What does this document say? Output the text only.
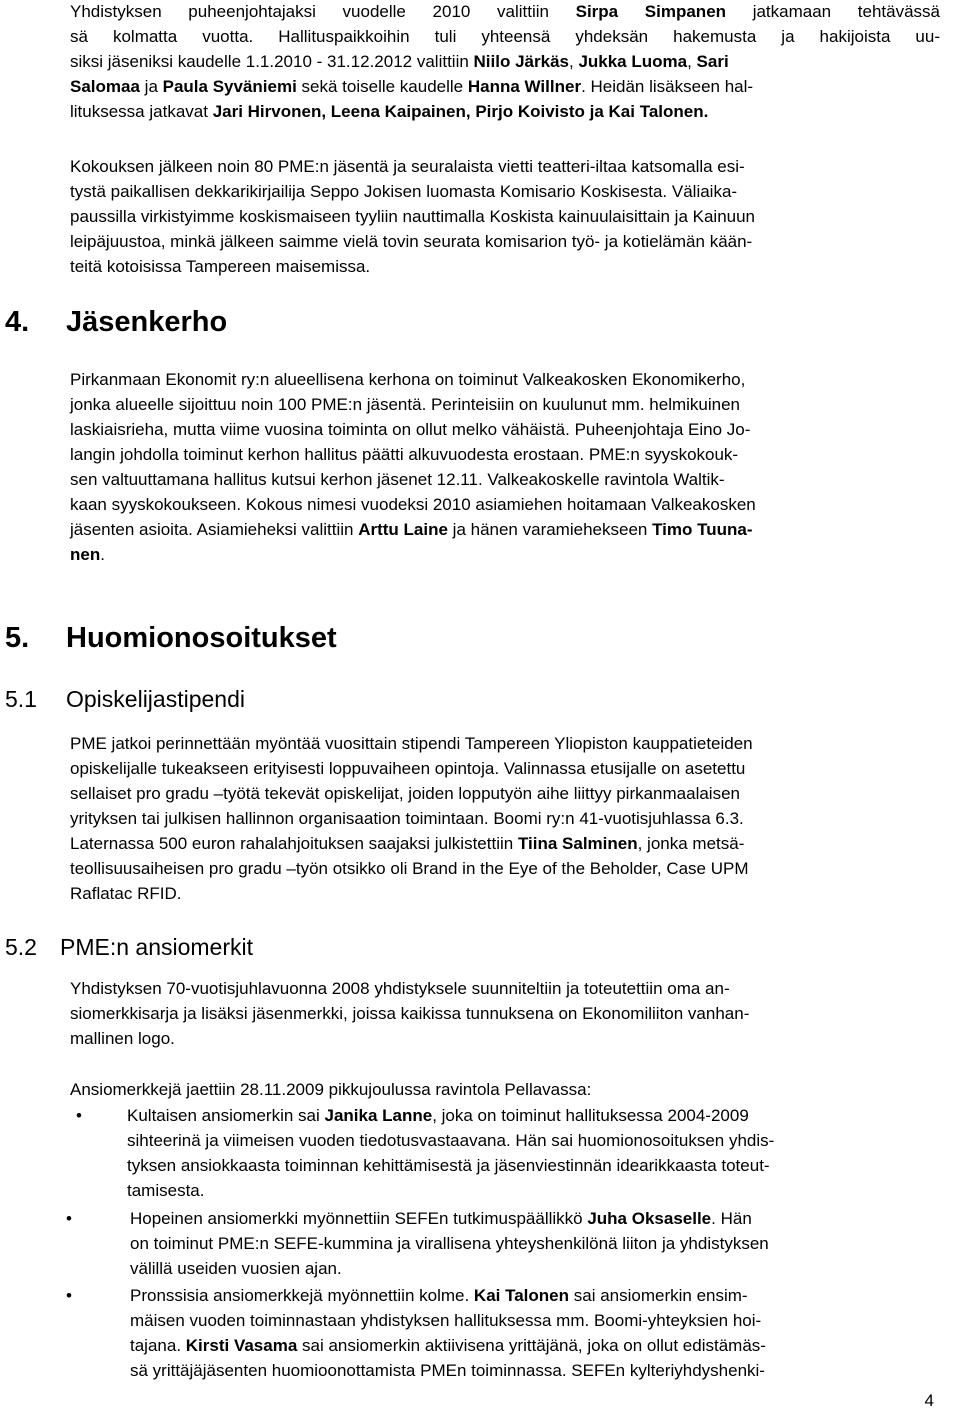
Yhdistyksen puheenjohtajaksi vuodelle 2010 valittiin Sirpa Simpanen jatkamaan tehtävässä
sä kolmatta vuotta. Hallituspaikkoihin tuli yhteensä yhdeksän hakemusta ja hakijoista uu-
siksi jäseniksi kaudelle 1.1.2010 - 31.12.2012 valittiin Niilo Järkäs, Jukka Luoma, Sari
Salomaa ja Paula Syväniemi sekä toiselle kaudelle Hanna Willner. Heidän lisäkseen hal-
lituksessa jatkavat Jari Hirvonen, Leena Kaipainen, Pirjo Koivisto ja Kai Talonen.
Kokouksen jälkeen noin 80 PME:n jäsentä ja seuralaista vietti teatteri-iltaa katsomalla esi-
tystä paikallisen dekkarikirjailija Seppo Jokisen luomasta Komisario Koskisesta. Väliaika-
paussilla virkistyimme koskismaiseen tyyliin nauttimalla Koskista kainuulaisittain ja Kainuun
leipäjuustoa, minkä jälkeen saimme vielä tovin seurata komisarion työ- ja kotielämän kään-
teitä kotoisissa Tampereen maisemissa.
4. Jäsenkerho
Pirkanmaan Ekonomit ry:n alueellisena kerhona on toiminut Valkeakosken Ekonomikerho,
jonka alueelle sijoittuu noin 100 PME:n jäsentä. Perinteisiin on kuulunut mm. helmikuinen
laskiaisrieha, mutta viime vuosina toiminta on ollut melko vähäistä. Puheenjohtaja Eino Jo-
langin johdolla toiminut kerhon hallitus päätti alkuvuodesta erostaan. PME:n syyskokouk-
sen valtuuttamana hallitus kutsui kerhon jäsenet 12.11. Valkeakoskelle ravintola Waltik-
kaan syyskokoukseen. Kokous nimesi vuodeksi 2010 asiamiehen hoitamaan Valkeakosken
jäsenten asioita. Asiamieheksi valittiin Arttu Laine ja hänen varamiehekseen Timo Tuuna-
nen.
5. Huomionosoitukset
5.1 Opiskelijastipendi
PME jatkoi perinnettään myöntää vuosittain stipendi Tampereen Yliopiston kauppatieteiden
opiskelijalle tukeakseen erityisesti loppuvaiheen opintoja. Valinnassa etusijalle on asetettu
sellaiset pro gradu –työtä tekevät opiskelijat, joiden lopputyön aihe liittyy pirkanmaalaisen
yrityksen tai julkisen hallinnon organisaation toimintaan. Boomi ry:n 41-vuotisjuhlassa 6.3.
Laternassa 500 euron rahalahjoituksen saajaksi julkistettiin Tiina Salminen, jonka metsä-
teollisuusaiheisen pro gradu –työn otsikko oli Brand in the Eye of the Beholder, Case UPM
Raflatac RFID.
5.2 PME:n ansiomerkit
Yhdistyksen 70-vuotisjuhlavuonna 2008 yhdistyksele suunniteltiin ja toteutettiin oma an-
siomerkkisarja ja lisäksi jäsenmerkki, joissa kaikissa tunnuksena on Ekonomiliiton vanhan-
mallinen logo.
Ansiomerkkejä jaettiin 28.11.2009 pikkujoulussa ravintola Pellavassa:
•	Kultaisen ansiomerkin sai Janika Lanne, joka on toiminut hallituksessa 2004-2009
sihteerinä ja viimeisen vuoden tiedotusvastaavana. Hän sai huomionosoituksen yhdis-
tyksen ansiokkaasta toiminnan kehittämisestä ja jäsenviestinnän idearikkaasta toteut-
tamisesta.
•	Hopeinen ansiomerkki myönnettiin SEFEn tutkimuspäällikkö Juha Oksaselle. Hän
on toiminut PME:n SEFE-kummina ja virallisena yhteyshenkilönä liiton ja yhdistyksen
välillä useiden vuosien ajan.
•	Pronssisia ansiomerkkejä myönnettiin kolme. Kai Talonen sai ansiomerkin ensim-
mäisen vuoden toiminnastaan yhdistyksen hallituksessa mm. Boomi-yhteyksien hoi-
tajana. Kirsti Vasama sai ansiomerkin aktiivisena yrittäjänä, joka on ollut edistämäs-
sä yrittäjäjäsenten huomioonottamista PMEn toiminnassa. SEFEn kylteriyhdyshenki-
4
